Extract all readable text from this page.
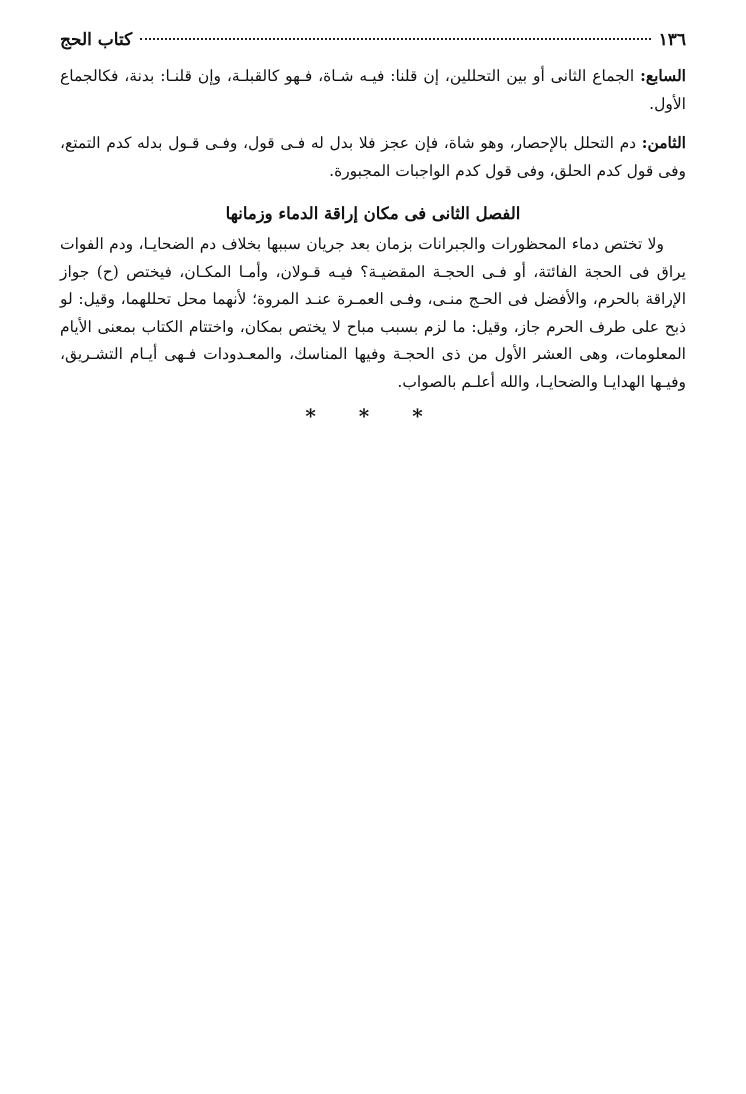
١٣٦
كتاب الحج

السابع: الجماع الثانى أو بين التحللين، إن قلنا: فيـه شـاة، فـهو كالقبلـة، وإن قلنـا: بدنة، فكالجماع الأول.

الثامن: دم التحلل بالإحصار، وهو شاة، فإن عجز فلا بدل له فـى قول، وفـى قـول بدله كدم التمتع، وفى قول كدم الحلق، وفى قول كدم الواجبات المجبورة.

الفصل الثانى فى مكان إراقة الدماء وزمانها

ولا تختص دماء المحظورات والجبرانات بزمان بعد جريان سببها بخلاف دم الضحايـا، ودم الفوات يراق فى الحجة الفائتة، أو فـى الحجـة المقضيـة؟ فيـه قـولان، وأمـا المكـان، فيختص (ح) جواز الإراقة بالحرم، والأفضل فى الحـج منـى، وفـى العمـرة عنـد المروة؛ لأنهما محل تحللهما، وقيل: لو ذبح على طرف الحرم جاز، وقيل: ما لزم بسبب مباح لا يختص بمكان، واختتام الكتاب بمعنى الأيام المعلومات، وهى العشر الأول من ذى الحجـة وفيها المناسك، والمعـدودات فـهى أيـام التشـريق، وفيـها الهدايـا والضحايـا، والله أعلـم بالصواب.

* * *
